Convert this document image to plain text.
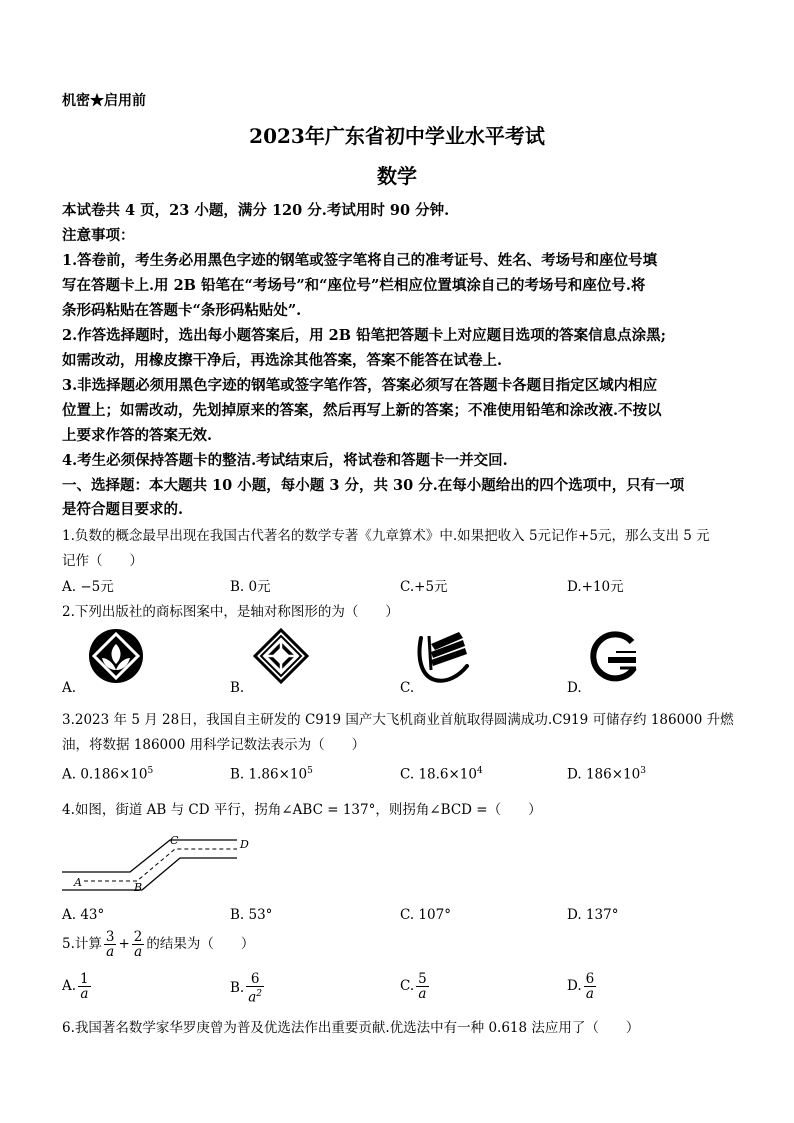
机密★启用前
2023年广东省初中学业水平考试
数学
本试卷共 4 页，23 小题，满分 120 分.考试用时 90 分钟.
注意事项：
1.答卷前，考生务必用黑色字迹的钢笔或签字笔将自己的准考证号、姓名、考场号和座位号填
写在答题卡上.用 2B 铅笔在“考场号”和“座位号”栏相应位置填涂自己的考场号和座位号.将
条形码粘贴在答题卡“条形码粘贴处”.
2.作答选择题时，选出每小题答案后，用 2B 铅笔把答题卡上对应题目选项的答案信息点涂黑;
如需改动，用橡皮擦干净后，再选涂其他答案，答案不能答在试卷上.
3.非选择题必须用黑色字迹的钢笔或签字笔作答，答案必须写在答题卡各题目指定区域内相应
位置上；如需改动，先划掉原来的答案，然后再写上新的答案；不准使用铅笔和涂改液.不按以
上要求作答的答案无效.
4.考生必须保持答题卡的整洁.考试结束后，将试卷和答题卡一并交回.
一、选择题：本大题共 10 小题，每小题 3 分，共 30 分.在每小题给出的四个选项中，只有一项
是符合题目要求的.
1.负数的概念最早出现在我国古代著名的数学专著《九章算术》中.如果把收入 5元记作+5元，那么支出 5 元
记作（　　）
A. −5元	B. 0元	C.+5元	D.+10元
2.下列出版社的商标图案中，是轴对称图形的为（　　）
A.	B.	C.	D.
3.2023 年 5 月 28日，我国自主研发的 C919 国产大飞机商业首航取得圆满成功.C919 可储存约 186000 升燃
油，将数据 186000 用科学记数法表示为（　　）
A. $0.186\times 10^5$	B. $1.86\times 10^5$	C. $18.6\times 10^4$	D. $186\times 10^3$
4.如图，街道 AB 与 CD 平行，拐角∠ABC = 137°，则拐角∠BCD =（　　）
A	B
C	D
A. 43°	B. 53°	C. 107°	D. 137°
5.计算 $\frac{3}{a} + \frac{2}{a}$ 的结果为（　　）
A. $\frac{1}{a}$	B. $\frac{6}{a^2}$	C. $\frac{5}{a}$	D. $\frac{6}{a}$
6.我国著名数学家华罗庚曾为普及优选法作出重要贡献.优选法中有一种 0.618 法应用了（　　）
